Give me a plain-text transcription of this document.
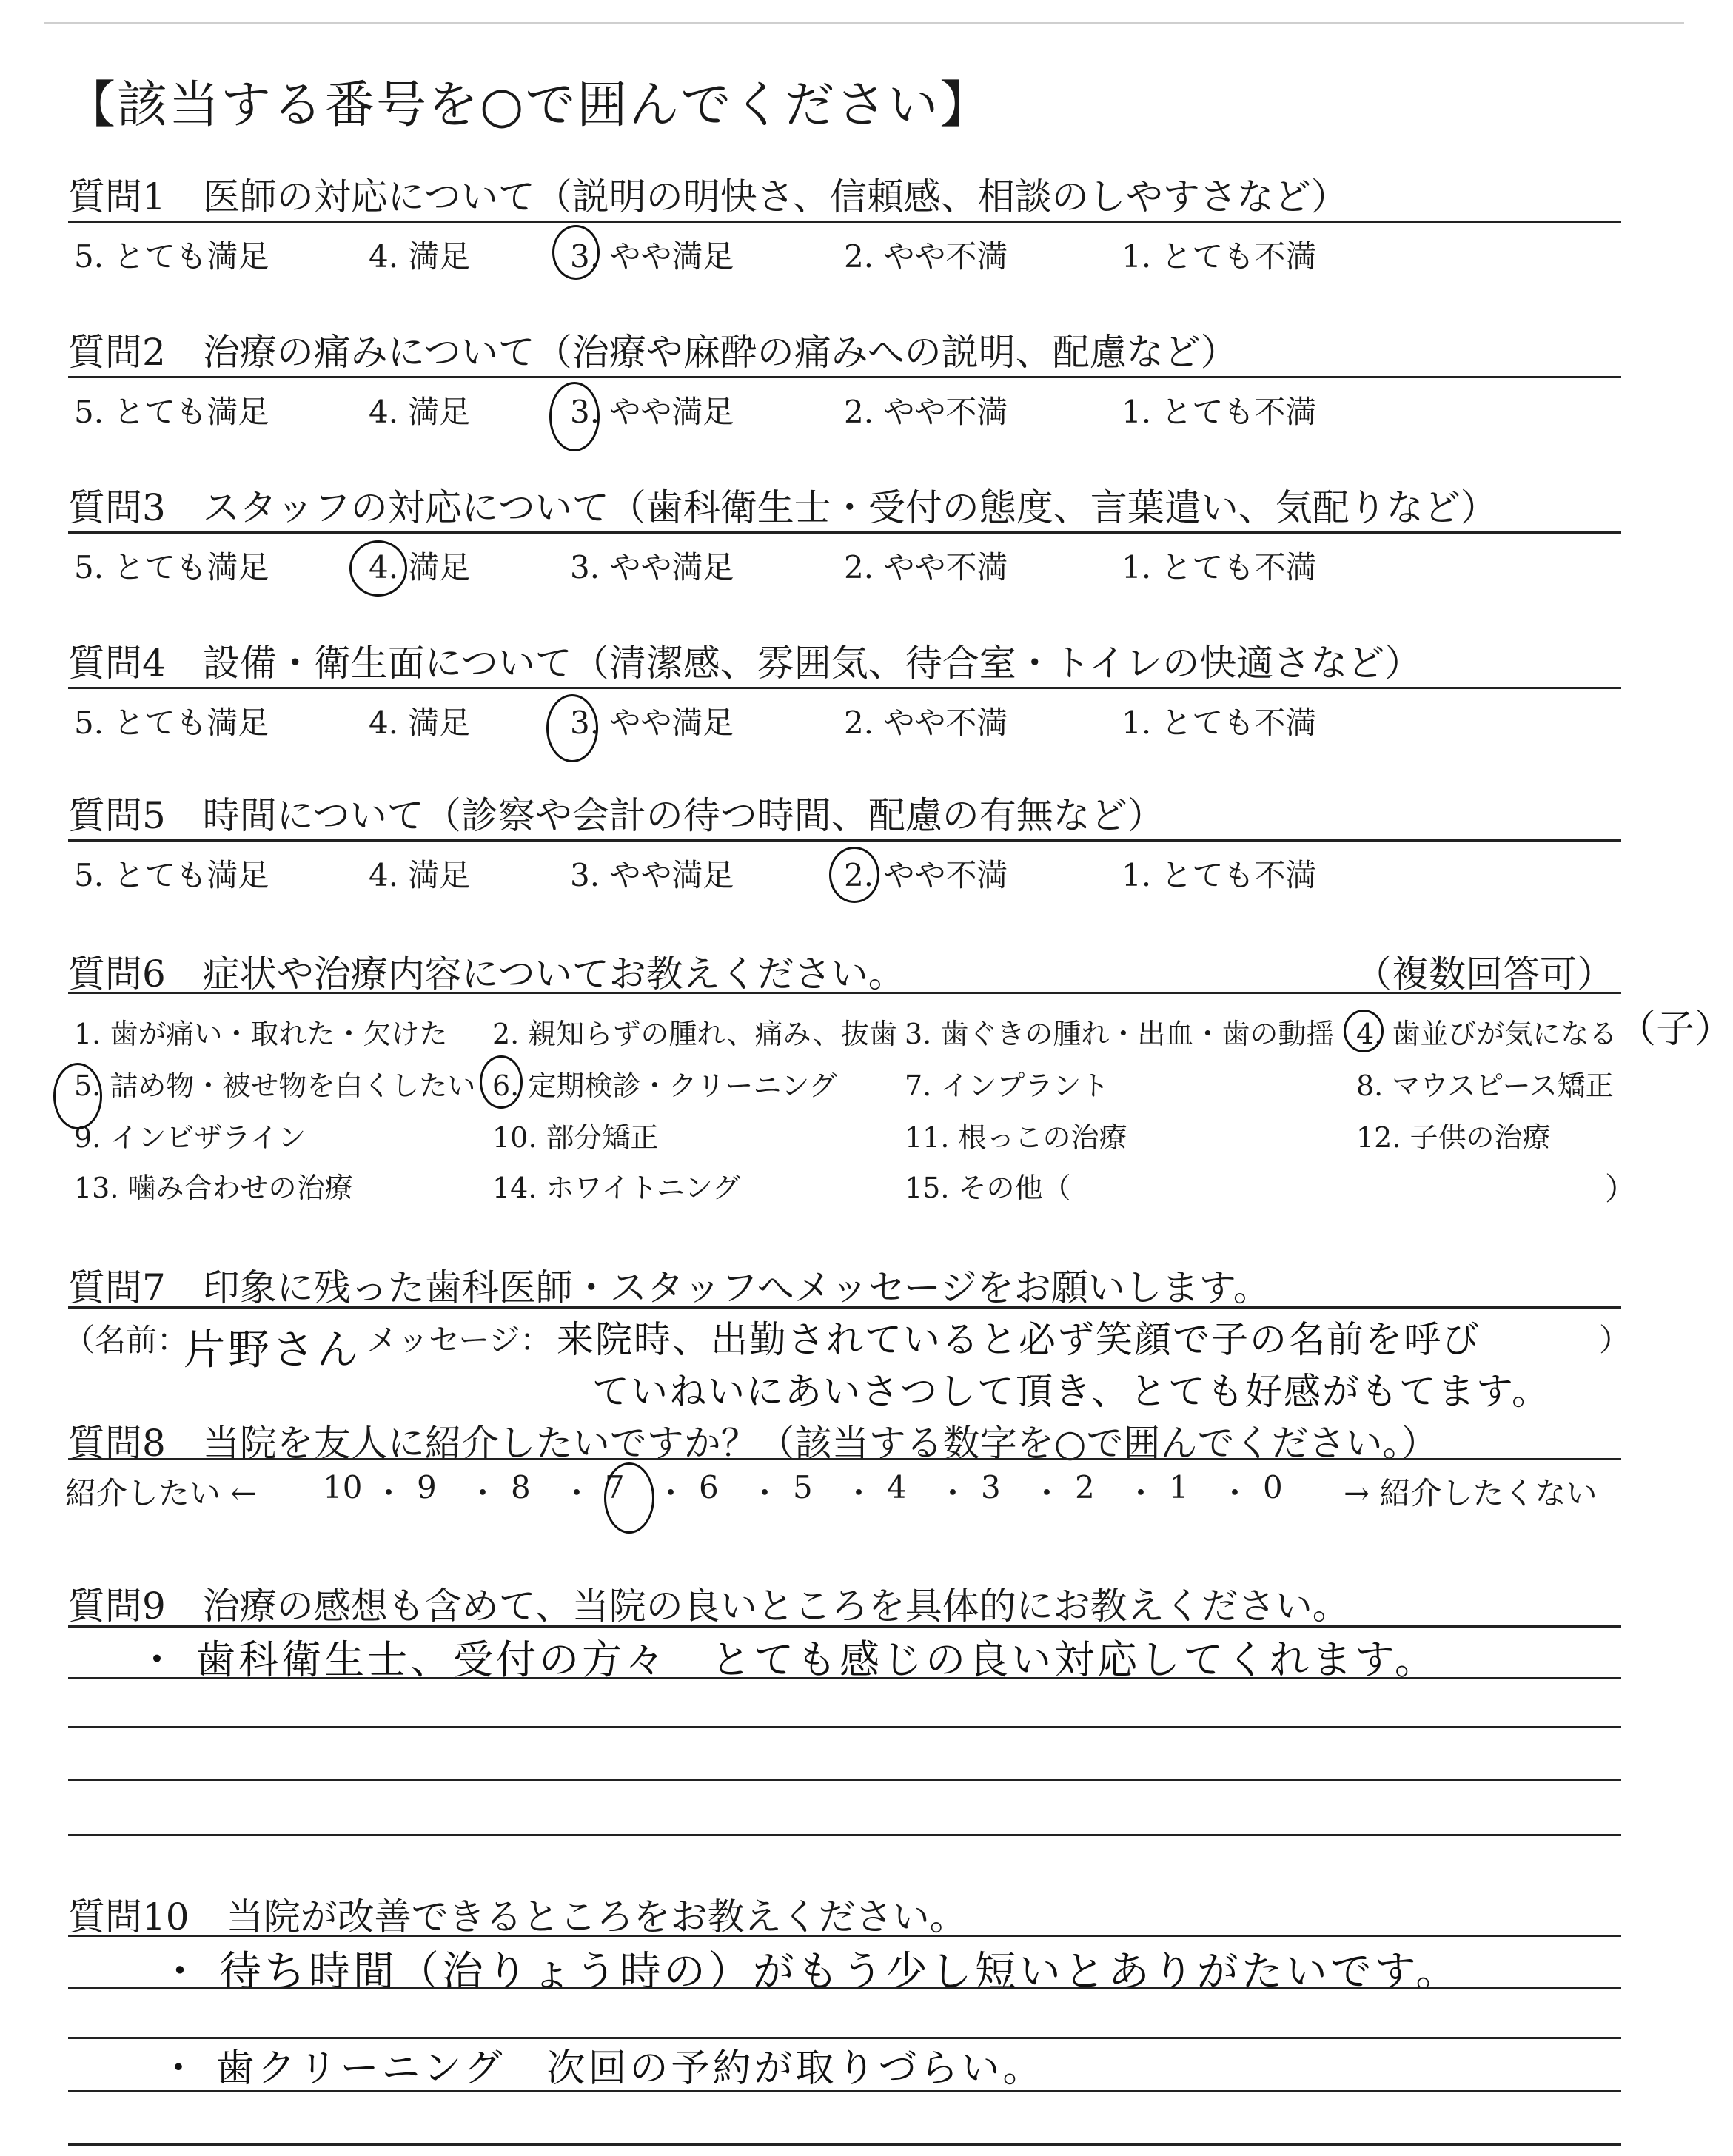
【該当する番号を○で囲んでください】
質問1　医師の対応について（説明の明快さ、信頼感、相談のしやすさなど）
5. とても満足	4. 満足	3. やや満足	2. やや不満	1. とても不満
質問2　治療の痛みについて（治療や麻酔の痛みへの説明、配慮など）
5. とても満足	4. 満足	3. やや満足	2. やや不満	1. とても不満
質問3　スタッフの対応について（歯科衛生士・受付の態度、言葉遣い、気配りなど）
5. とても満足	4. 満足	3. やや満足	2. やや不満	1. とても不満
質問4　設備・衛生面について（清潔感、雰囲気、待合室・トイレの快適さなど）
5. とても満足	4. 満足	3. やや満足	2. やや不満	1. とても不満
質問5　時間について（診察や会計の待つ時間、配慮の有無など）
5. とても満足	4. 満足	3. やや満足	2. やや不満	1. とても不満
質問6　症状や治療内容についてお教えください。	（複数回答可）
1. 歯が痛い・取れた・欠けた 2. 親知らずの腫れ、痛み、抜歯 3. 歯ぐきの腫れ・出血・歯の動揺 4. 歯並びが気になる
5. 詰め物・被せ物を白くしたい 6. 定期検診・クリーニング 7. インプラント	8. マウスピース矯正
9. インビザライン	10. 部分矯正	11. 根っこの治療	12. 子供の治療
13. 噛み合わせの治療	14. ホワイトニング	15. その他（	）
（子）
質問7　印象に残った歯科医師・スタッフへメッセージをお願いします。
（名前：
片野さん メッセージ： 来院時、出勤されていると必ず笑顔で子の名前を呼び	）
ていねいにあいさつして頂き、とても好感がもてます。
質問8　当院を友人に紹介したいですか？（該当する数字を○で囲んでください。）
紹介したい ←	→ 紹介したくない
10 ・ 9 ・ 8 ・ 7 ・ 6 ・ 5 ・ 4 ・ 3 ・ 2 ・ 1 ・ 0
質問9　治療の感想も含めて、当院の良いところを具体的にお教えください。
・ 歯科衛生士、受付の方々　とても感じの良い対応してくれます。
質問10　当院が改善できるところをお教えください。
・ 待ち時間（治りょう時の）がもう少し短いとありがたいです。
・ 歯クリーニング　次回の予約が取りづらい。
